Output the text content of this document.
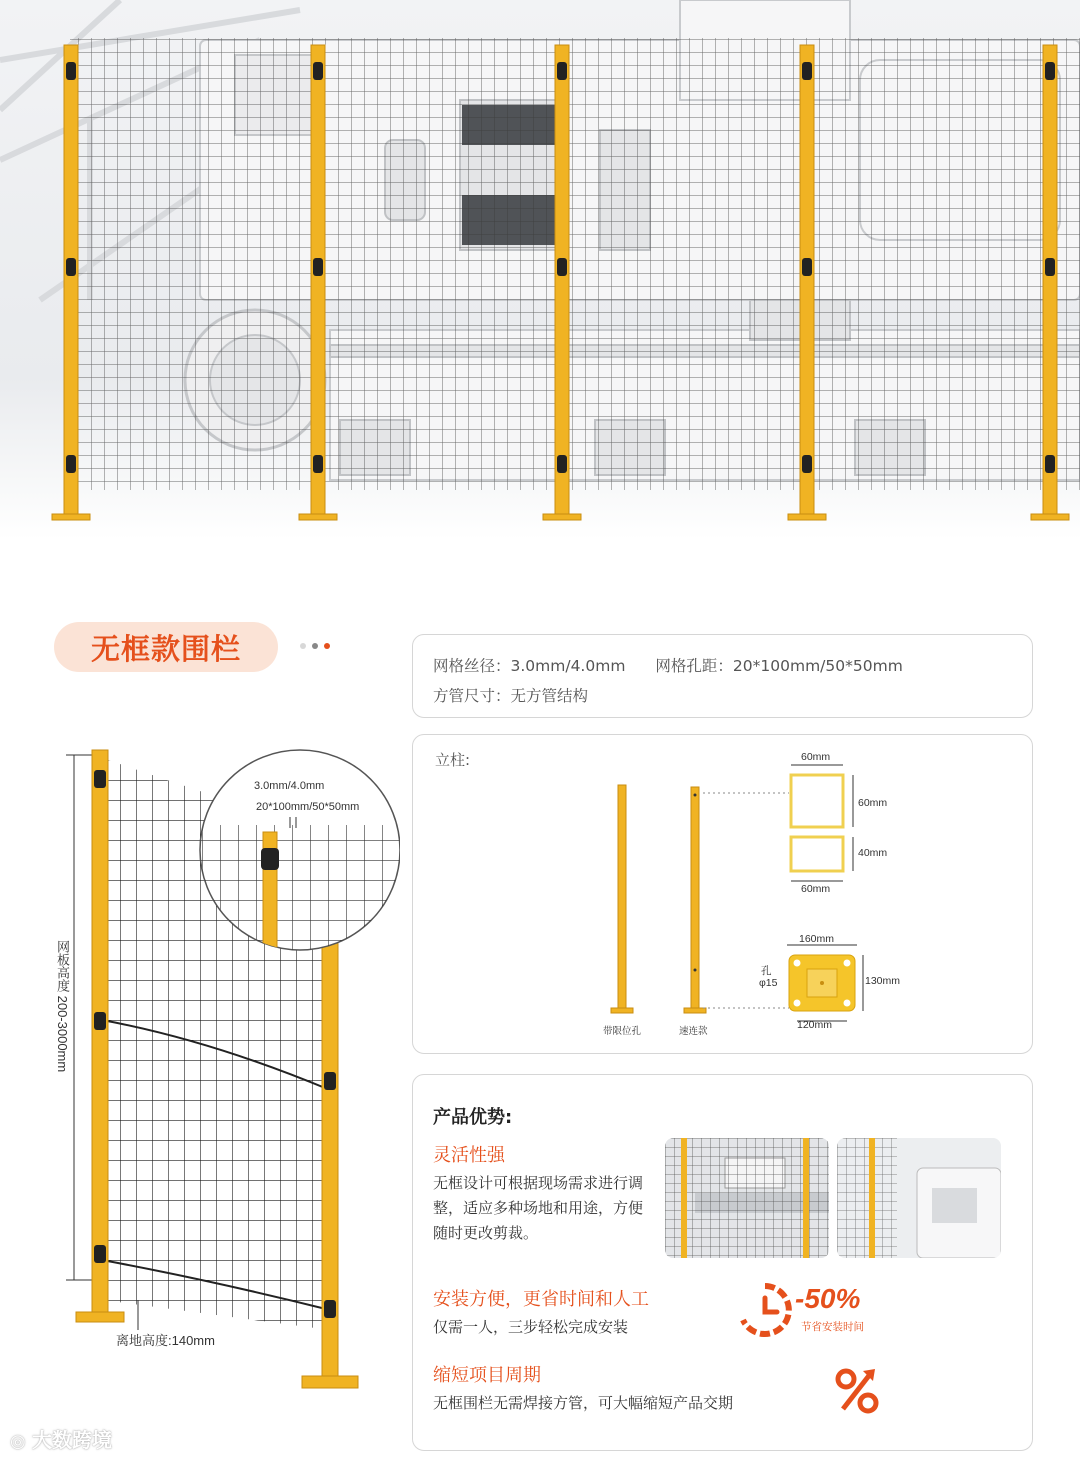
无框款围栏
3.0mm/4.0mm
20*100mm/50*50mm
网板高度 200-3000mm
离地高度:140mm
网格丝径：3.0mm/4.0mm 网格孔距：20*100mm/50*50mm
方管尺寸：无方管结构
立柱:
带限位孔	速连款
60mm
60mm
40mm
60mm
160mm
130mm
120mm
孔
φ15
产品优势:
灵活性强
无框设计可根据现场需求进行调整，适应多种场地和用途，方便随时更改剪裁。
安装方便，更省时间和人工
仅需一人，三步轻松完成安装
-50%
节省安装时间
缩短项目周期
无框围栏无需焊接方管，可大幅缩短产品交期
◎ 大数跨境
